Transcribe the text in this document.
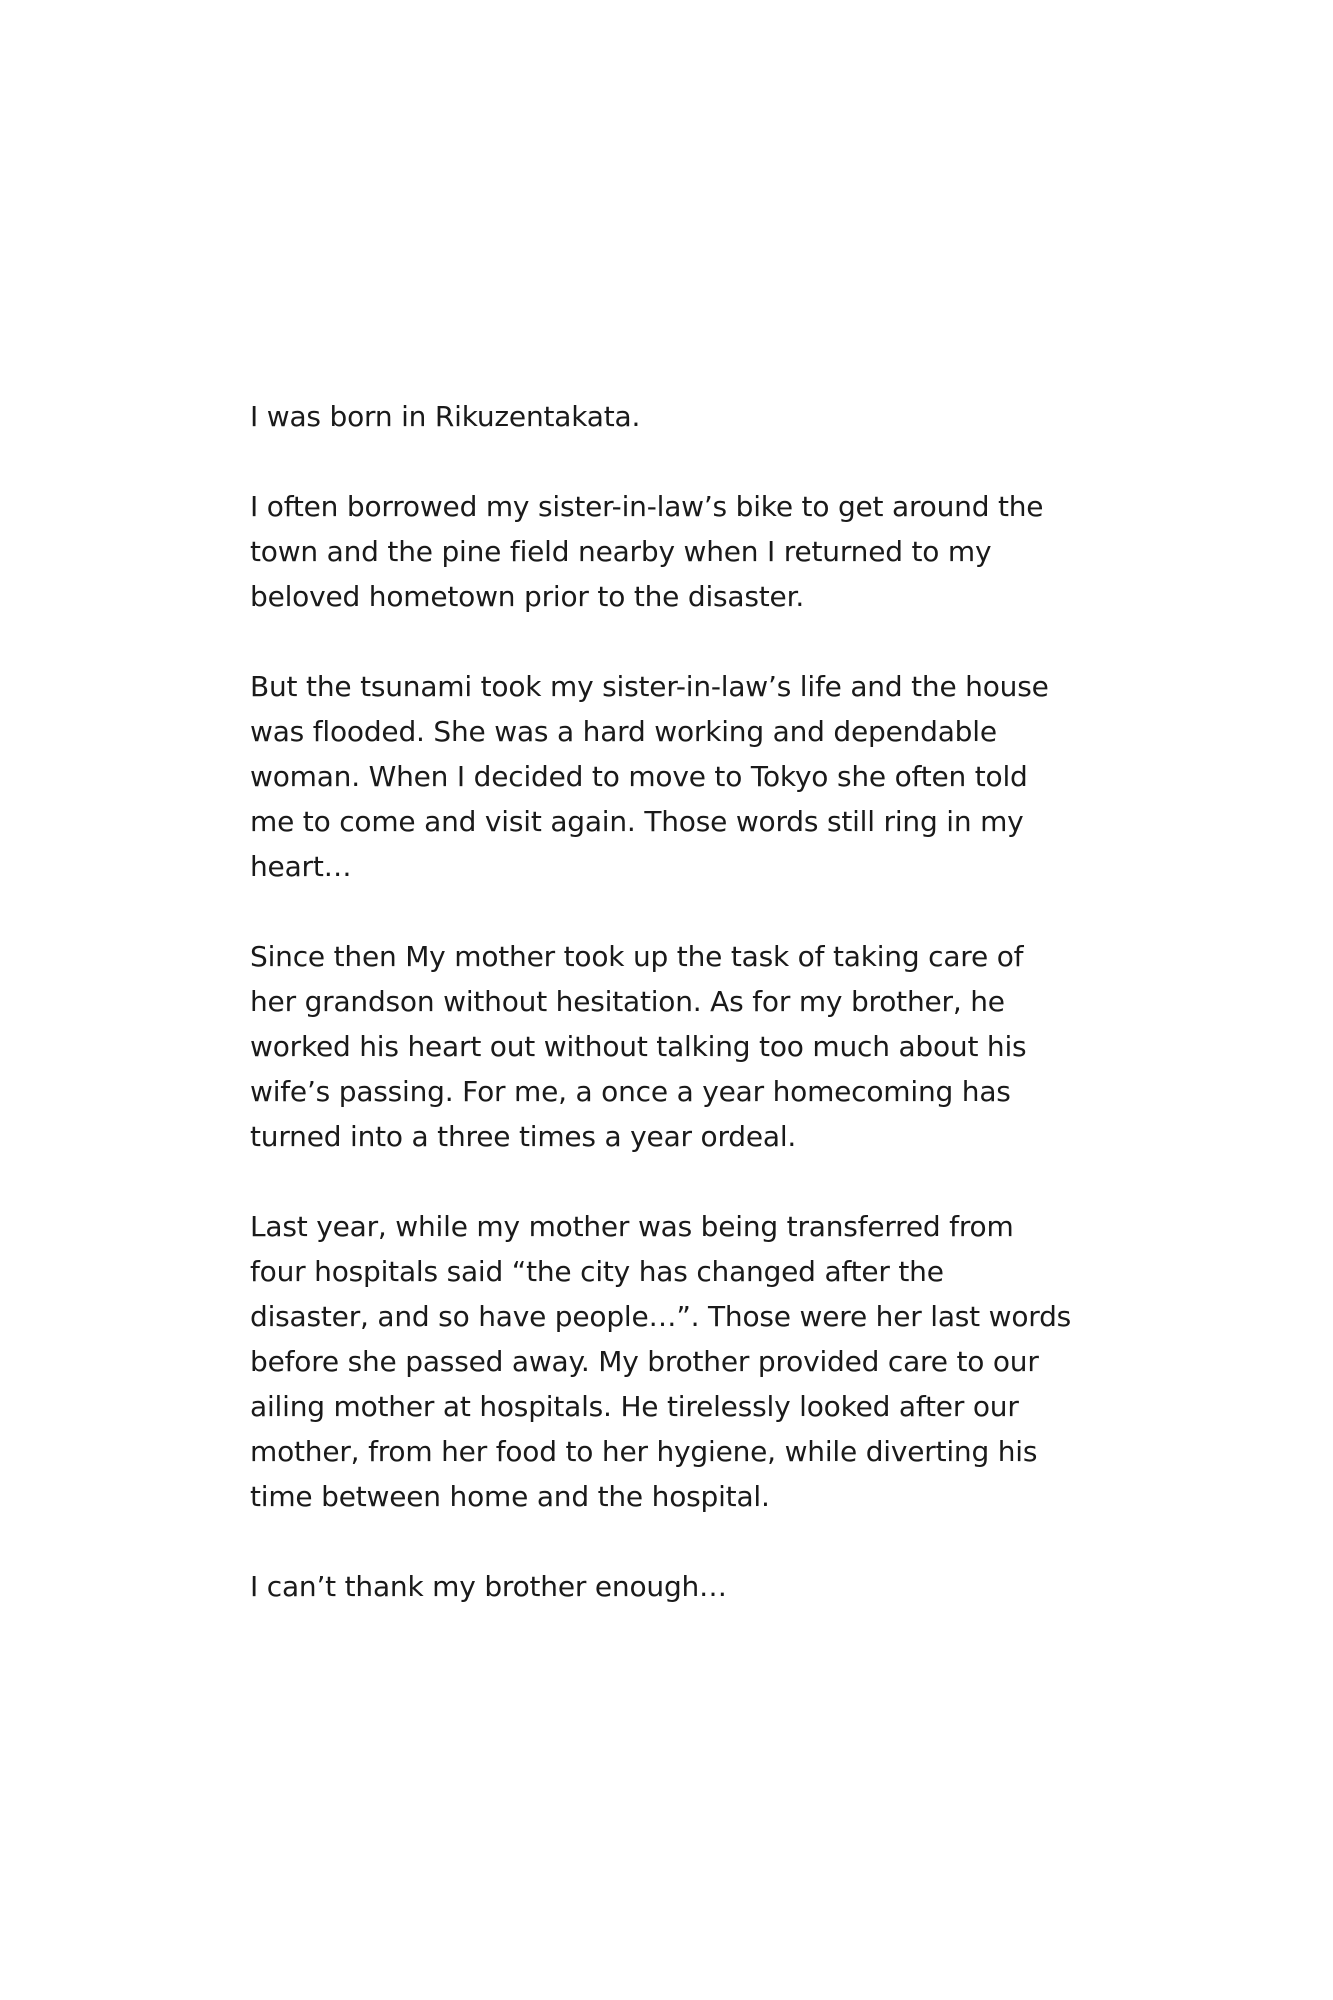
I was born in Rikuzentakata.

I often borrowed my sister-in-law’s bike to get around the
town and the pine field nearby when I returned to my
beloved hometown prior to the disaster.

But the tsunami took my sister-in-law’s life and the house
was flooded. She was a hard working and dependable
woman. When I decided to move to Tokyo she often told
me to come and visit again. Those words still ring in my
heart…

Since then My mother took up the task of taking care of
her grandson without hesitation. As for my brother, he
worked his heart out without talking too much about his
wife’s passing. For me, a once a year homecoming has
turned into a three times a year ordeal.

Last year, while my mother was being transferred from
four hospitals said “the city has changed after the
disaster, and so have people…”. Those were her last words
before she passed away. My brother provided care to our
ailing mother at hospitals. He tirelessly looked after our
mother, from her food to her hygiene, while diverting his
time between home and the hospital.

I can’t thank my brother enough…
